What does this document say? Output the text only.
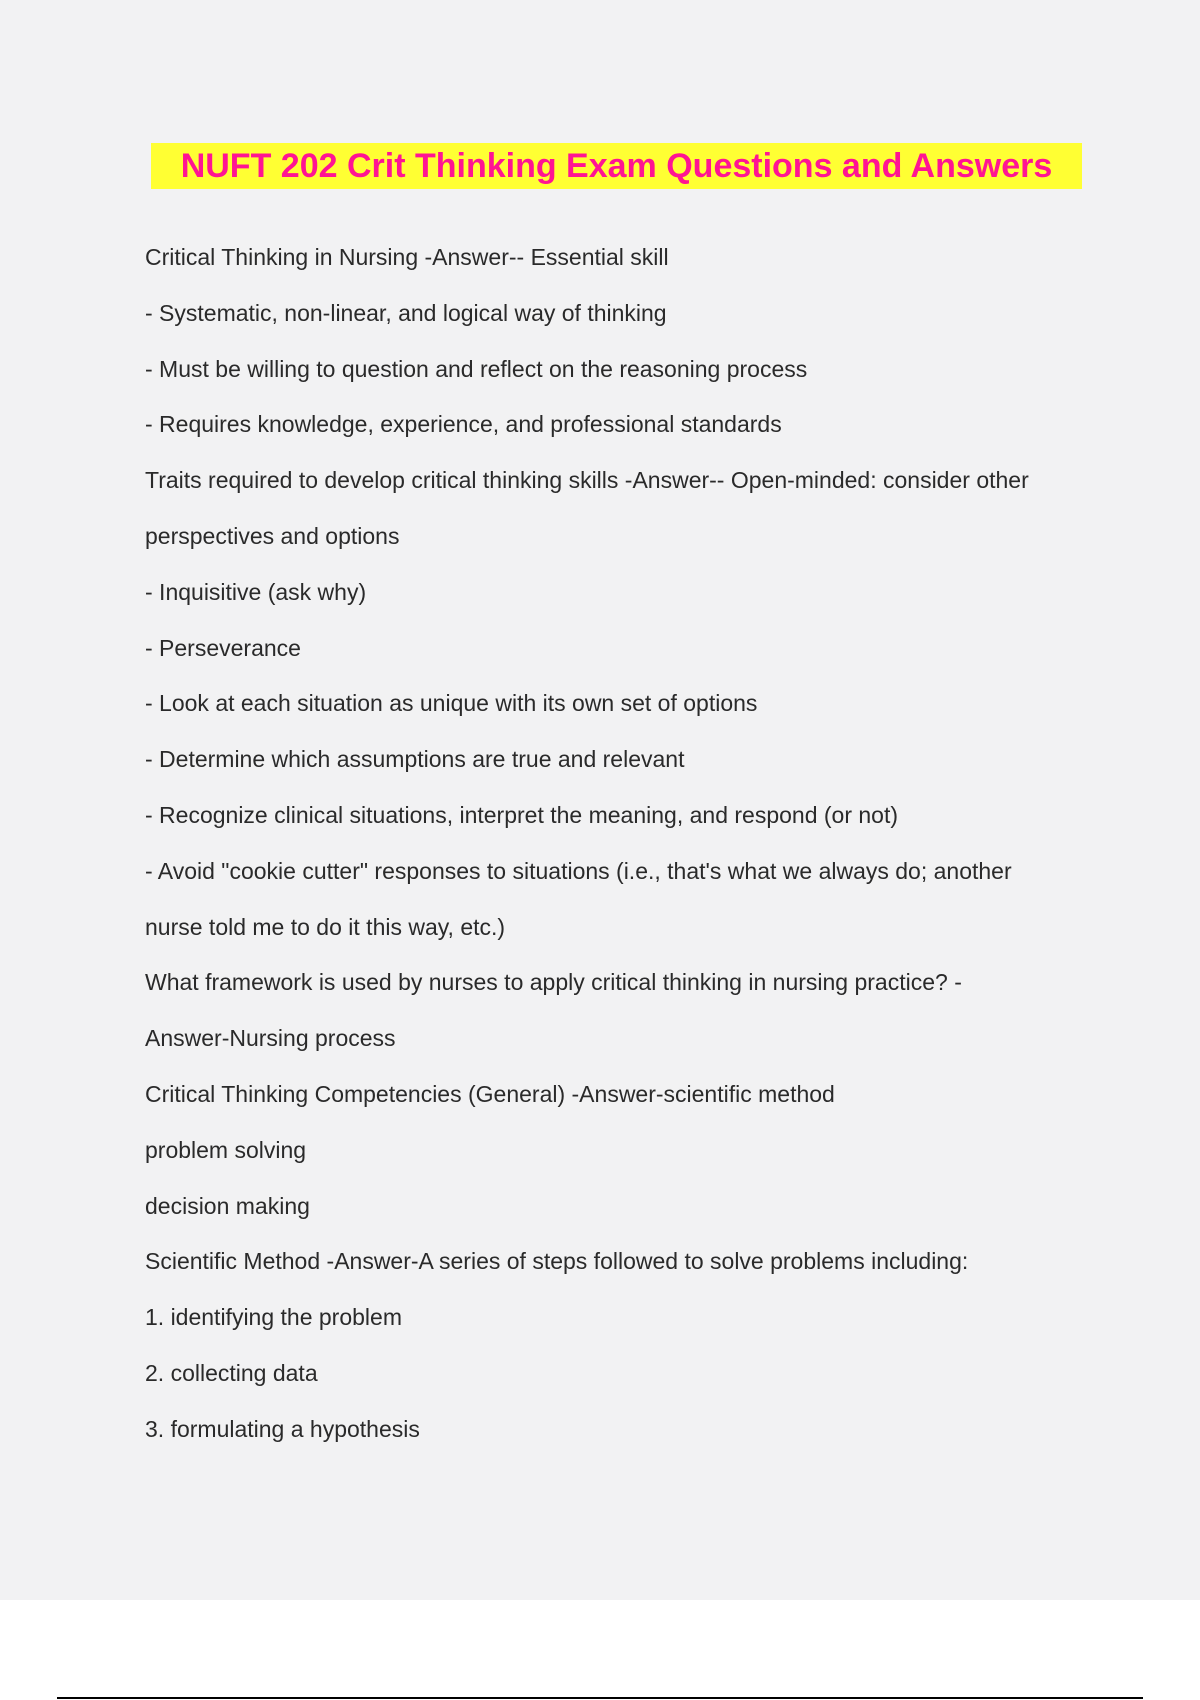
NUFT 202 Crit Thinking Exam Questions and Answers
Critical Thinking in Nursing -Answer-- Essential skill
- Systematic, non-linear, and logical way of thinking
- Must be willing to question and reflect on the reasoning process
- Requires knowledge, experience, and professional standards
Traits required to develop critical thinking skills -Answer-- Open-minded: consider other
perspectives and options
- Inquisitive (ask why)
- Perseverance
- Look at each situation as unique with its own set of options
- Determine which assumptions are true and relevant
- Recognize clinical situations, interpret the meaning, and respond (or not)
- Avoid "cookie cutter" responses to situations (i.e., that's what we always do; another
nurse told me to do it this way, etc.)
What framework is used by nurses to apply critical thinking in nursing practice? -
Answer-Nursing process
Critical Thinking Competencies (General) -Answer-scientific method
problem solving
decision making
Scientific Method -Answer-A series of steps followed to solve problems including:
1. identifying the problem
2. collecting data
3. formulating a hypothesis
